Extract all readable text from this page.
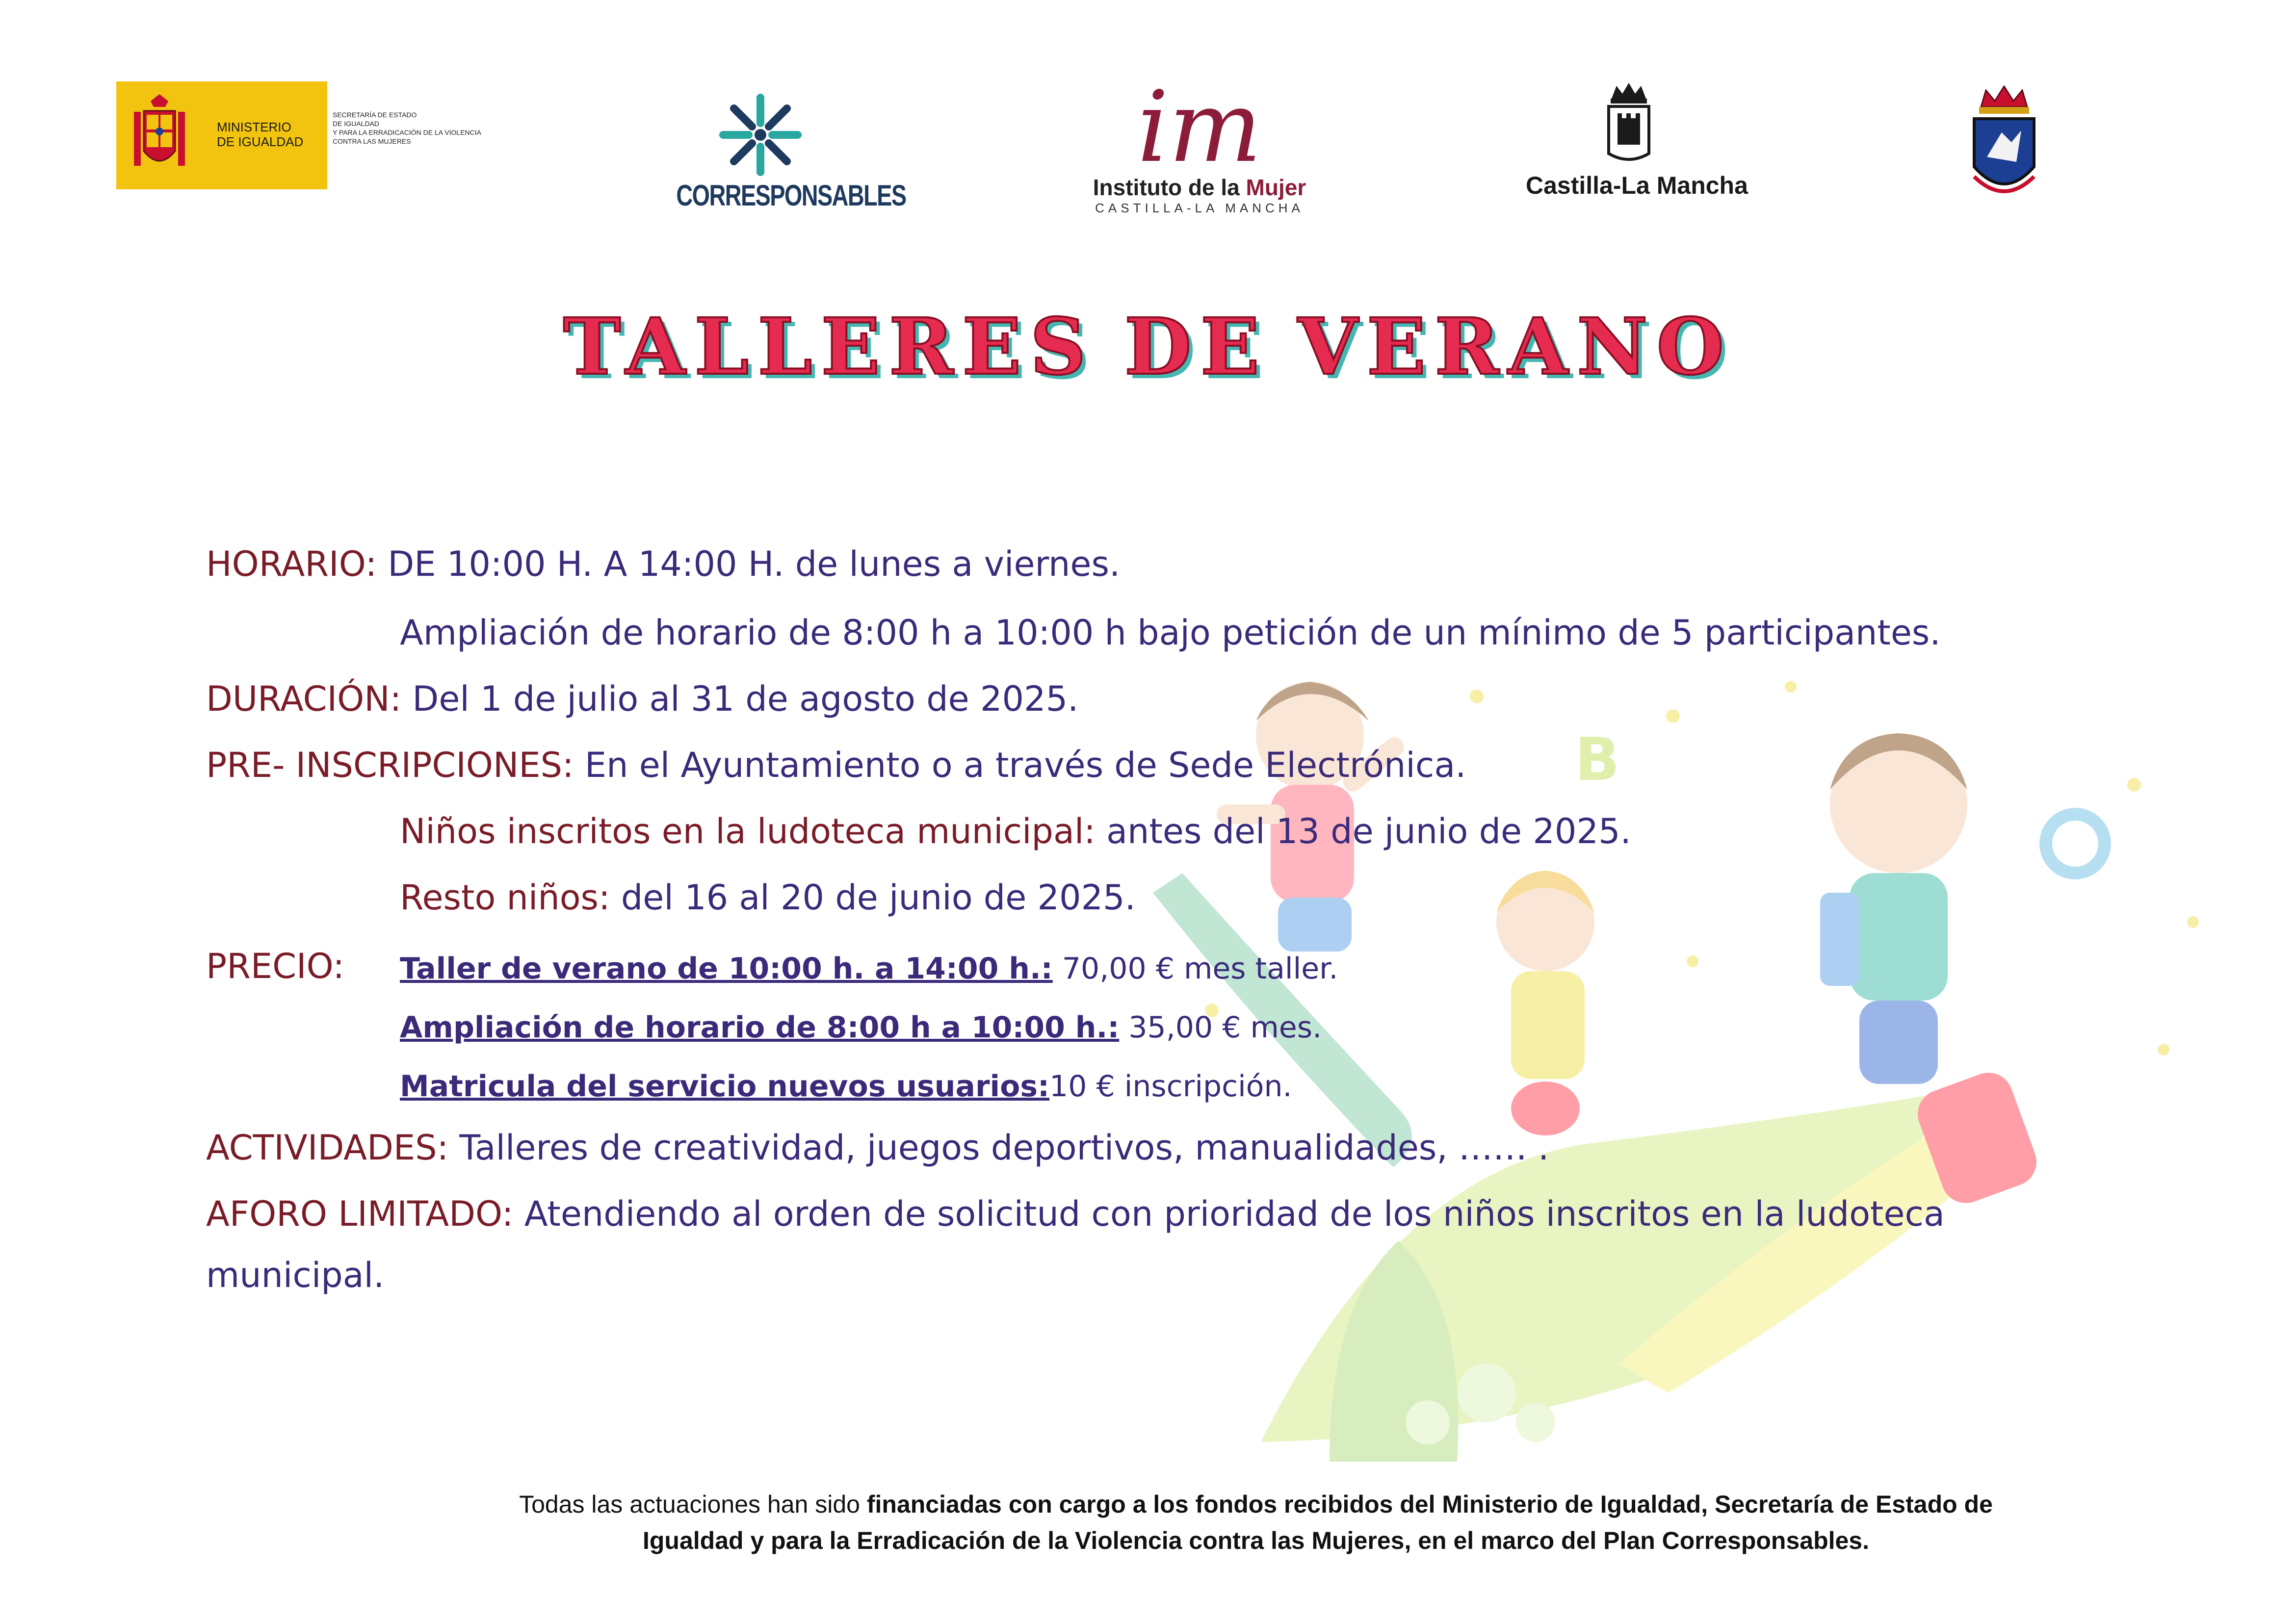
MINISTERIO
DE IGUALDAD
SECRETARÍA DE ESTADO
DE IGUALDAD
Y PARA LA ERRADICACIÓN DE LA VIOLENCIA
CONTRA LAS MUJERES
CORRESPONSABLES
im
Instituto de la Mujer
CASTILLA-LA MANCHA
Castilla-La Mancha
TALLERES DE VERANO
B
HORARIO: DE 10:00 H. A 14:00 H. de lunes a viernes.
Ampliación de horario de 8:00 h a 10:00 h bajo petición de un mínimo de 5 participantes.
DURACIÓN: Del 1 de julio al 31 de agosto de 2025.
PRE- INSCRIPCIONES: En el Ayuntamiento o a través de Sede Electrónica.
Niños inscritos en la ludoteca municipal: antes del 13 de junio de 2025.
Resto niños: del 16 al 20 de junio de 2025.
PRECIO: Taller de verano de 10:00 h. a 14:00 h.: 70,00 € mes taller.
Ampliación de horario de 8:00 h a 10:00 h.: 35,00 € mes.
Matricula del servicio nuevos usuarios:10 € inscripción.
ACTIVIDADES: Talleres de creatividad, juegos deportivos, manualidades, …… .
AFORO LIMITADO: Atendiendo al orden de solicitud con prioridad de los niños inscritos en la ludoteca
municipal.
Todas las actuaciones han sido financiadas con cargo a los fondos recibidos del Ministerio de Igualdad, Secretaría de Estado de
Igualdad y para la Erradicación de la Violencia contra las Mujeres, en el marco del Plan Corresponsables.
